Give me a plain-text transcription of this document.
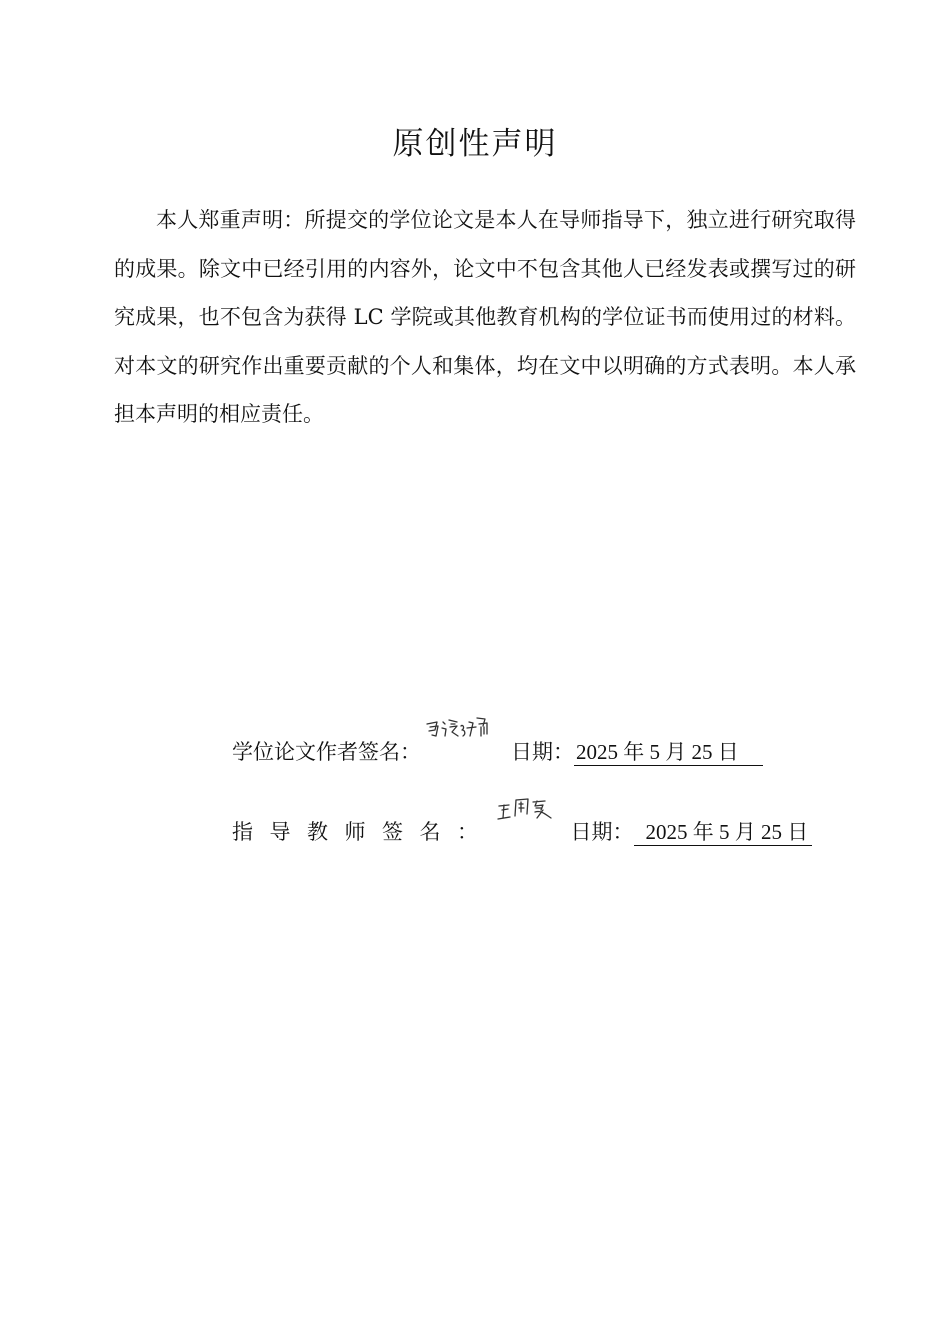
原创性声明

本人郑重声明：所提交的学位论文是本人在导师指导下，独立进行研究取得的成果。除文中已经引用的内容外，论文中不包含其他人已经发表或撰写过的研究成果，也不包含为获得 LC 学院或其他教育机构的学位证书而使用过的材料。对本文的研究作出重要贡献的个人和集体，均在文中以明确的方式表明。本人承担本声明的相应责任。

学位论文作者签名：	日期： 2025 年 5 月 25 日
指导教师签名：	日期： 2025 年 5 月 25 日
